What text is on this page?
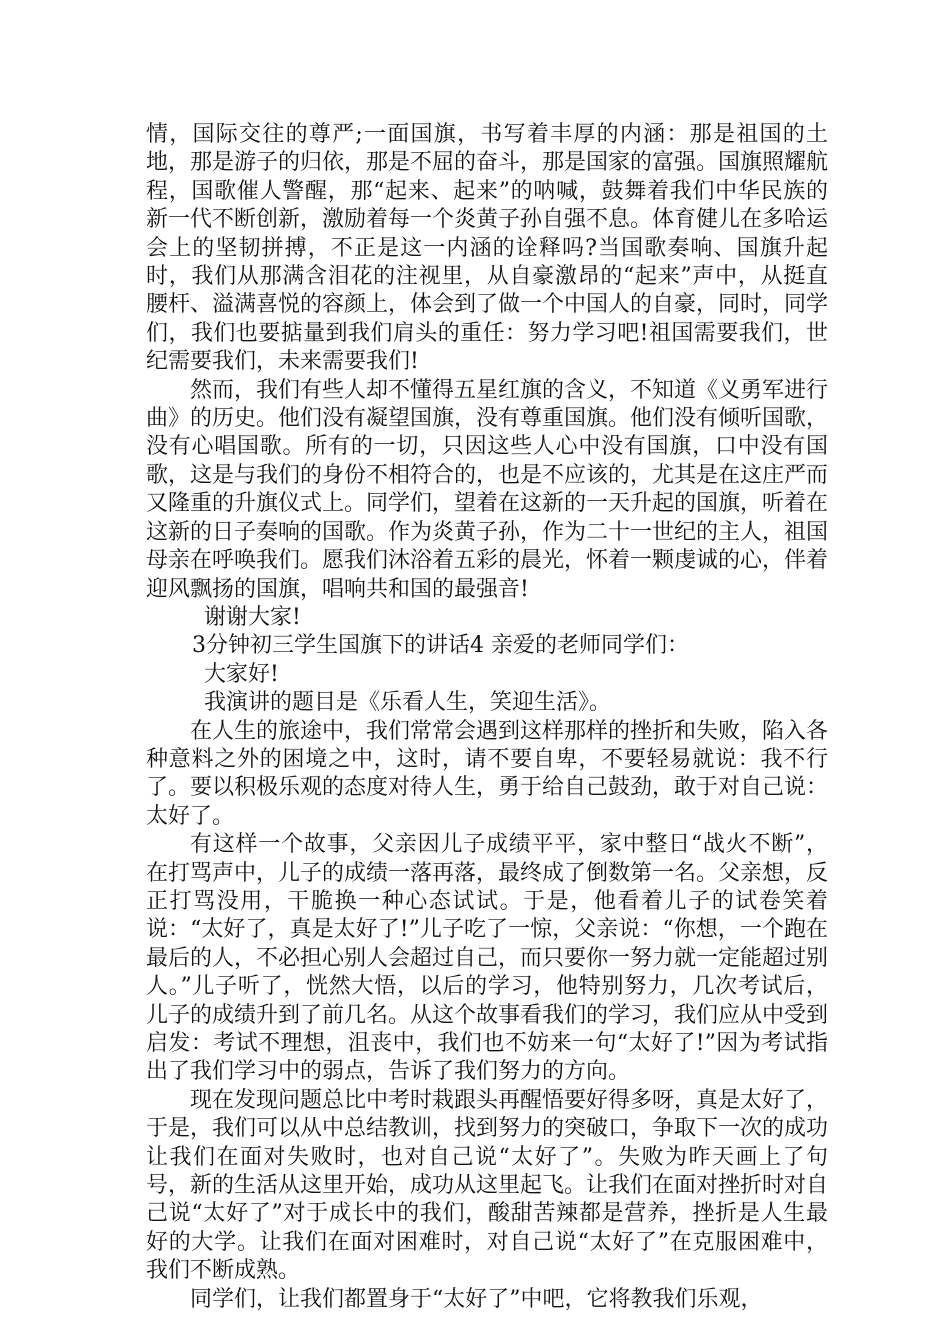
情，国际交往的尊严;一面国旗，书写着丰厚的内涵：那是祖国的土地，那是游子的归依，那是不屈的奋斗，那是国家的富强。国旗照耀航程，国歌催人警醒，那“起来、起来”的呐喊，鼓舞着我们中华民族的新一代不断创新，激励着每一个炎黄子孙自强不息。体育健儿在多哈运会上的坚韧拼搏，不正是这一内涵的诠释吗?当国歌奏响、国旗升起时，我们从那满含泪花的注视里，从自豪激昂的“起来”声中，从挺直腰杆、溢满喜悦的容颜上，体会到了做一个中国人的自豪，同时，同学们，我们也要掂量到我们肩头的重任：努力学习吧!祖国需要我们，世纪需要我们，未来需要我们!

然而，我们有些人却不懂得五星红旗的含义，不知道《义勇军进行曲》的历史。他们没有凝望国旗，没有尊重国旗。他们没有倾听国歌，没有心唱国歌。所有的一切，只因这些人心中没有国旗，口中没有国歌，这是与我们的身份不相符合的，也是不应该的，尤其是在这庄严而又隆重的升旗仪式上。同学们，望着在这新的一天升起的国旗，听着在这新的日子奏响的国歌。作为炎黄子孙，作为二十一世纪的主人，祖国母亲在呼唤我们。愿我们沐浴着五彩的晨光，怀着一颗虔诚的心，伴着迎风飘扬的国旗，唱响共和国的最强音!

谢谢大家!

3分钟初三学生国旗下的讲话4 亲爱的老师同学们：

大家好!

我演讲的题目是《乐看人生，笑迎生活》。

在人生的旅途中，我们常常会遇到这样那样的挫折和失败，陷入各种意料之外的困境之中，这时，请不要自卑，不要轻易就说：我不行了。要以积极乐观的态度对待人生，勇于给自己鼓劲，敢于对自己说：太好了。

有这样一个故事，父亲因儿子成绩平平，家中整日“战火不断”，在打骂声中，儿子的成绩一落再落，最终成了倒数第一名。父亲想，反正打骂没用，干脆换一种心态试试。于是，他看着儿子的试卷笑着说：“太好了，真是太好了!”儿子吃了一惊，父亲说：“你想，一个跑在最后的人，不必担心别人会超过自己，而只要你一努力就一定能超过别人。”儿子听了，恍然大悟，以后的学习，他特别努力，几次考试后，儿子的成绩升到了前几名。从这个故事看我们的学习，我们应从中受到启发：考试不理想，沮丧中，我们也不妨来一句“太好了!”因为考试指出了我们学习中的弱点，告诉了我们努力的方向。

现在发现问题总比中考时栽跟头再醒悟要好得多呀，真是太好了，于是，我们可以从中总结教训，找到努力的突破口，争取下一次的成功让我们在面对失败时，也对自己说“太好了”。失败为昨天画上了句号，新的生活从这里开始，成功从这里起飞。让我们在面对挫折时对自己说“太好了”对于成长中的我们，酸甜苦辣都是营养，挫折是人生最好的大学。让我们在面对困难时，对自己说“太好了”在克服困难中，我们不断成熟。

同学们，让我们都置身于“太好了”中吧，它将教我们乐观，
